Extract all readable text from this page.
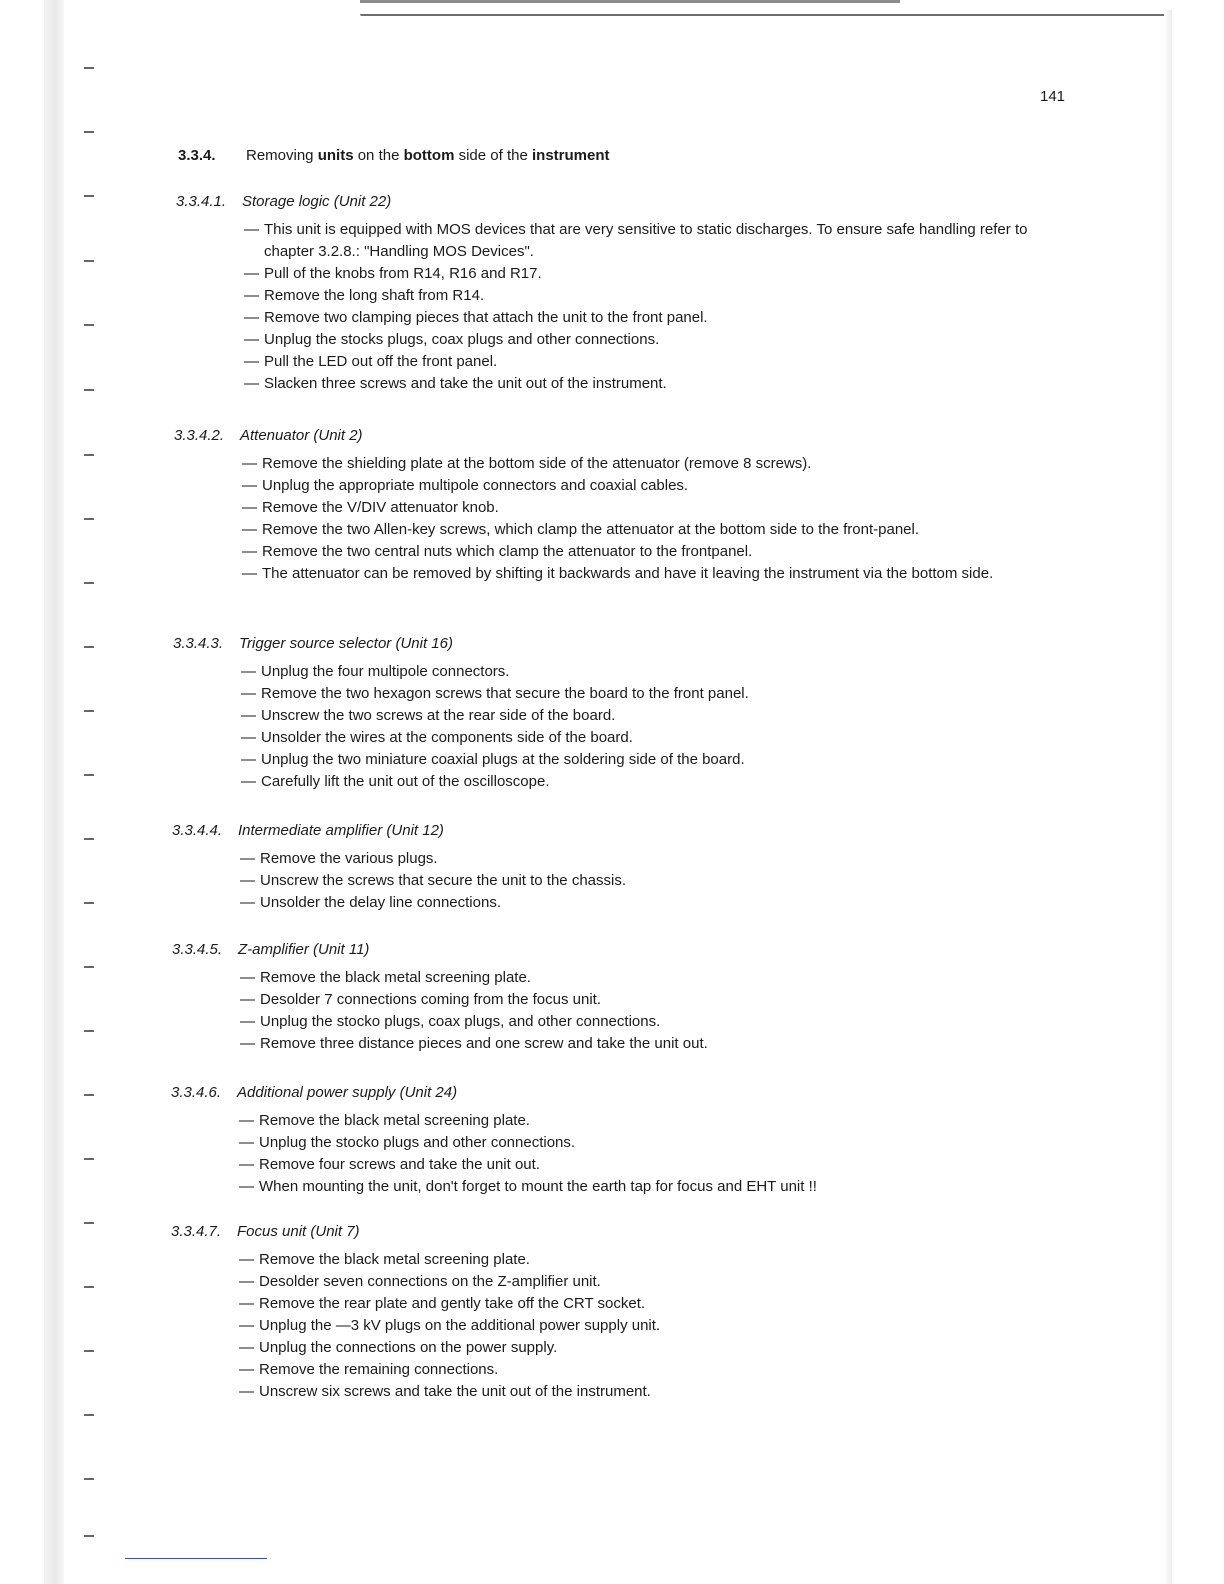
141
3.3.4. Removing units on the bottom side of the instrument
3.3.4.1. Storage logic (Unit 22)
— This unit is equipped with MOS devices that are very sensitive to static discharges. To ensure safe handling refer to chapter 3.2.8.: "Handling MOS Devices".
— Pull of the knobs from R14, R16 and R17.
— Remove the long shaft from R14.
— Remove two clamping pieces that attach the unit to the front panel.
— Unplug the stocks plugs, coax plugs and other connections.
— Pull the LED out off the front panel.
— Slacken three screws and take the unit out of the instrument.
3.3.4.2. Attenuator (Unit 2)
— Remove the shielding plate at the bottom side of the attenuator (remove 8 screws).
— Unplug the appropriate multipole connectors and coaxial cables.
— Remove the V/DIV attenuator knob.
— Remove the two Allen-key screws, which clamp the attenuator at the bottom side to the front-panel.
— Remove the two central nuts which clamp the attenuator to the frontpanel.
— The attenuator can be removed by shifting it backwards and have it leaving the instrument via the bottom side.
3.3.4.3. Trigger source selector (Unit 16)
— Unplug the four multipole connectors.
— Remove the two hexagon screws that secure the board to the front panel.
— Unscrew the two screws at the rear side of the board.
— Unsolder the wires at the components side of the board.
— Unplug the two miniature coaxial plugs at the soldering side of the board.
— Carefully lift the unit out of the oscilloscope.
3.3.4.4. Intermediate amplifier (Unit 12)
— Remove the various plugs.
— Unscrew the screws that secure the unit to the chassis.
— Unsolder the delay line connections.
3.3.4.5. Z-amplifier (Unit 11)
— Remove the black metal screening plate.
— Desolder 7 connections coming from the focus unit.
— Unplug the stocko plugs, coax plugs, and other connections.
— Remove three distance pieces and one screw and take the unit out.
3.3.4.6. Additional power supply (Unit 24)
— Remove the black metal screening plate.
— Unplug the stocko plugs and other connections.
— Remove four screws and take the unit out.
— When mounting the unit, don't forget to mount the earth tap for focus and EHT unit !!
3.3.4.7. Focus unit (Unit 7)
— Remove the black metal screening plate.
— Desolder seven connections on the Z-amplifier unit.
— Remove the rear plate and gently take off the CRT socket.
— Unplug the —3 kV plugs on the additional power supply unit.
— Unplug the connections on the power supply.
— Remove the remaining connections.
— Unscrew six screws and take the unit out of the instrument.
